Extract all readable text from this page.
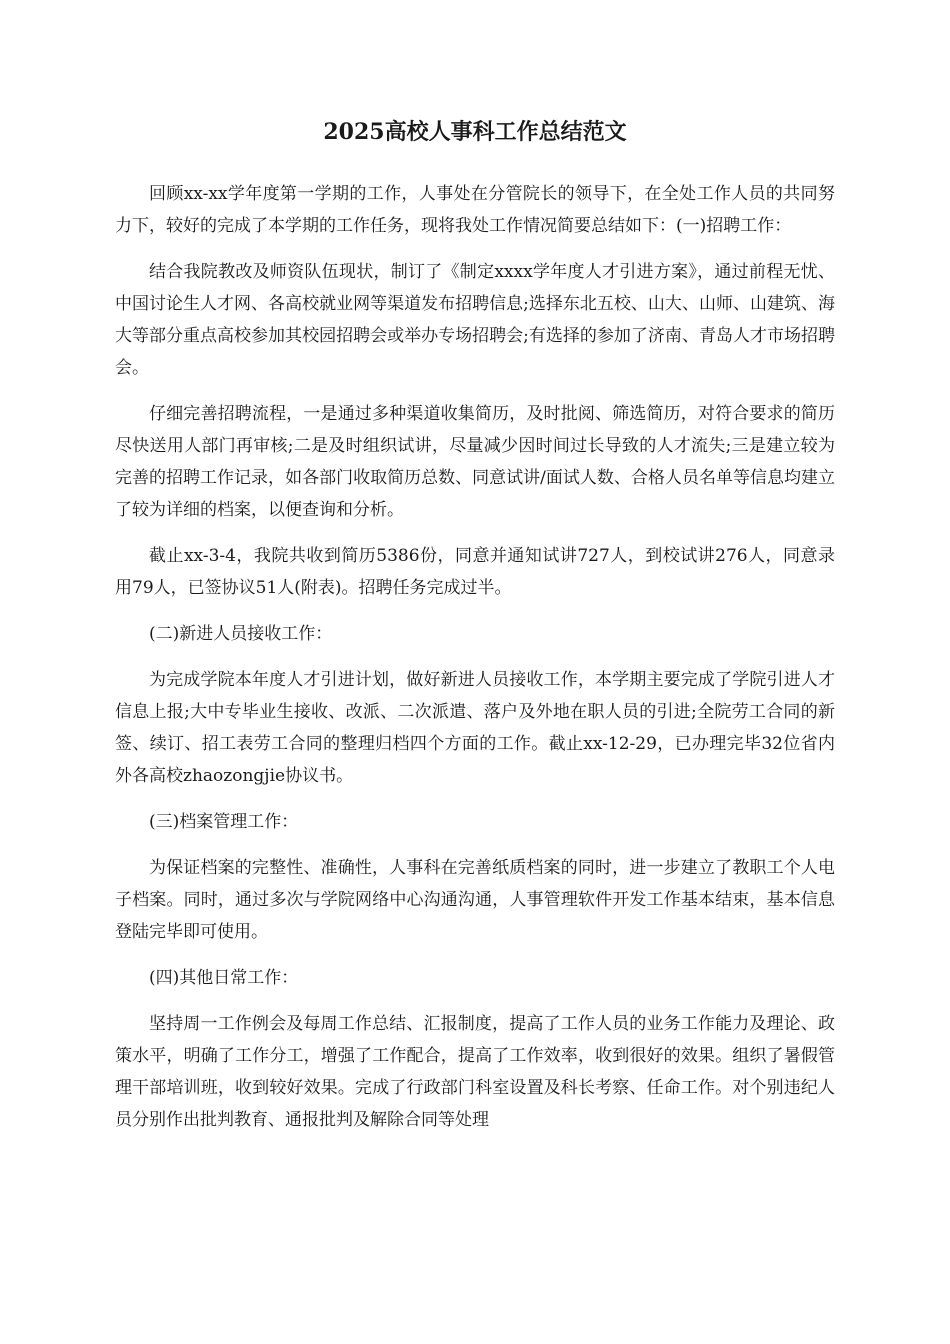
2025高校人事科工作总结范文

回顾xx-xx学年度第一学期的工作，人事处在分管院长的领导下，在全处工作人员的共同努力下，较好的完成了本学期的工作任务，现将我处工作情况简要总结如下：(一)招聘工作：

结合我院教改及师资队伍现状，制订了《制定xxxx学年度人才引进方案》，通过前程无忧、中国讨论生人才网、各高校就业网等渠道发布招聘信息;选择东北五校、山大、山师、山建筑、海大等部分重点高校参加其校园招聘会或举办专场招聘会;有选择的参加了济南、青岛人才市场招聘会。

仔细完善招聘流程，一是通过多种渠道收集简历，及时批阅、筛选简历，对符合要求的简历尽快送用人部门再审核;二是及时组织试讲，尽量减少因时间过长导致的人才流失;三是建立较为完善的招聘工作记录，如各部门收取简历总数、同意试讲/面试人数、合格人员名单等信息均建立了较为详细的档案，以便查询和分析。

截止xx-3-4，我院共收到简历5386份，同意并通知试讲727人，到校试讲276人，同意录用79人，已签协议51人(附表)。招聘任务完成过半。

(二)新进人员接收工作：

为完成学院本年度人才引进计划，做好新进人员接收工作，本学期主要完成了学院引进人才信息上报;大中专毕业生接收、改派、二次派遣、落户及外地在职人员的引进;全院劳工合同的新签、续订、招工表劳工合同的整理归档四个方面的工作。截止xx-12-29，已办理完毕32位省内外各高校zhaozongjie协议书。

(三)档案管理工作：

为保证档案的完整性、准确性，人事科在完善纸质档案的同时，进一步建立了教职工个人电子档案。同时，通过多次与学院网络中心沟通沟通，人事管理软件开发工作基本结束，基本信息登陆完毕即可使用。

(四)其他日常工作：

坚持周一工作例会及每周工作总结、汇报制度，提高了工作人员的业务工作能力及理论、政策水平，明确了工作分工，增强了工作配合，提高了工作效率，收到很好的效果。组织了暑假管理干部培训班，收到较好效果。完成了行政部门科室设置及科长考察、任命工作。对个别违纪人员分别作出批判教育、通报批判及解除合同等处理
